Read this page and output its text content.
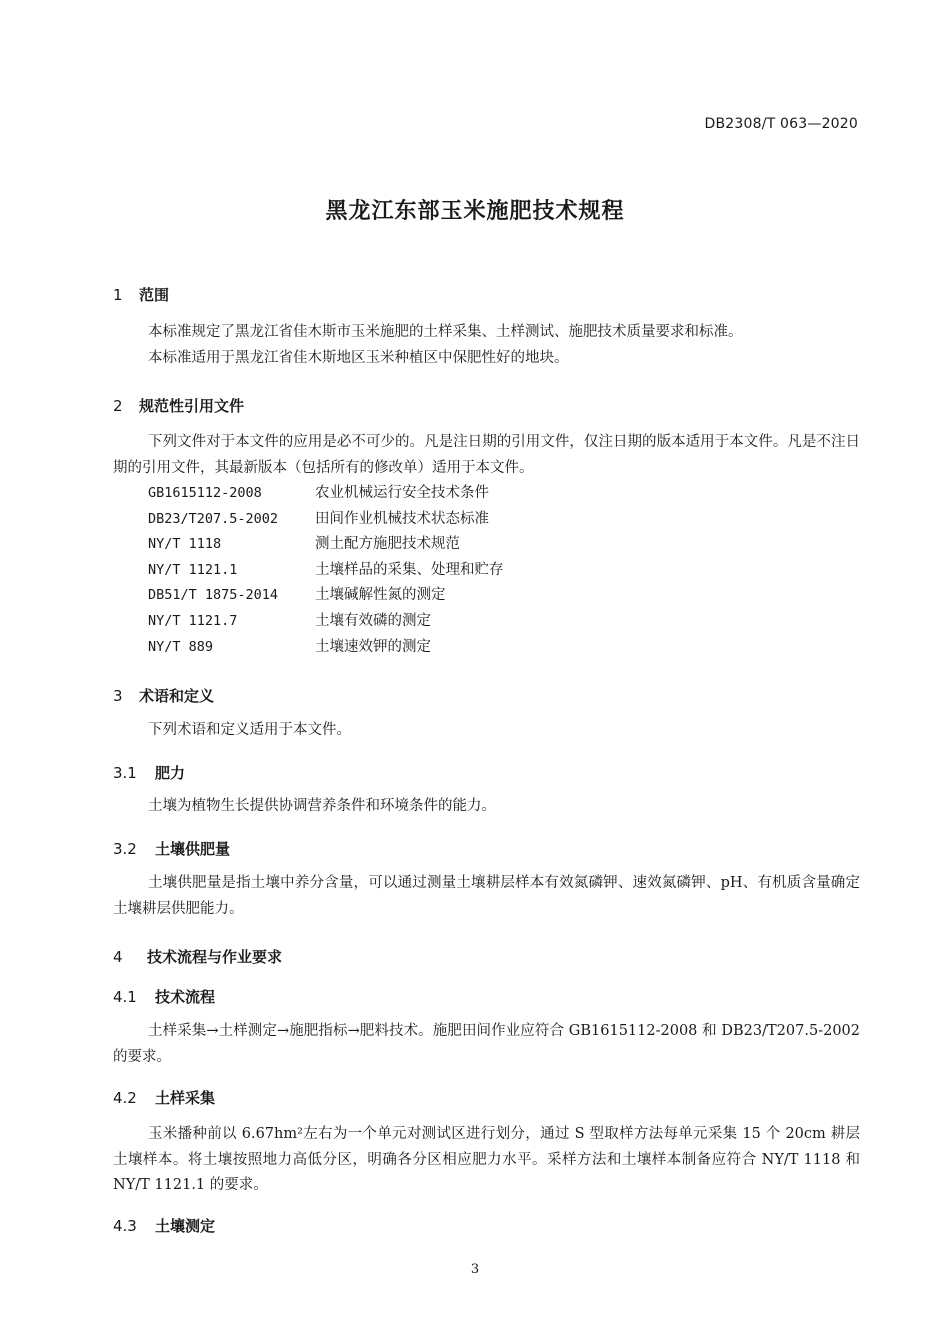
DB2308/T 063—2020
黑龙江东部玉米施肥技术规程
1 范围
本标准规定了黑龙江省佳木斯市玉米施肥的土样采集、土样测试、施肥技术质量要求和标准。
本标准适用于黑龙江省佳木斯地区玉米种植区中保肥性好的地块。
2 规范性引用文件
下列文件对于本文件的应用是必不可少的。凡是注日期的引用文件，仅注日期的版本适用于本文件。凡是不注日期的引用文件，其最新版本（包括所有的修改单）适用于本文件。
GB1615112-2008	农业机械运行安全技术条件
DB23/T207.5-2002	田间作业机械技术状态标准
NY/T 1118	测土配方施肥技术规范
NY/T 1121.1	土壤样品的采集、处理和贮存
DB51/T 1875-2014	土壤碱解性氮的测定
NY/T 1121.7	土壤有效磷的测定
NY/T 889	土壤速效钾的测定
3 术语和定义
下列术语和定义适用于本文件。
3.1 肥力
土壤为植物生长提供协调营养条件和环境条件的能力。
3.2 土壤供肥量
土壤供肥量是指土壤中养分含量，可以通过测量土壤耕层样本有效氮磷钾、速效氮磷钾、pH、有机质含量确定土壤耕层供肥能力。
4 技术流程与作业要求
4.1 技术流程
土样采集→土样测定→施肥指标→肥料技术。施肥田间作业应符合 GB1615112-2008 和 DB23/T207.5-2002 的要求。
4.2 土样采集
玉米播种前以 6.67hm²左右为一个单元对测试区进行划分，通过 S 型取样方法每单元采集 15 个 20cm 耕层土壤样本。将土壤按照地力高低分区，明确各分区相应肥力水平。采样方法和土壤样本制备应符合 NY/T 1118 和 NY/T 1121.1 的要求。
4.3 土壤测定
3
